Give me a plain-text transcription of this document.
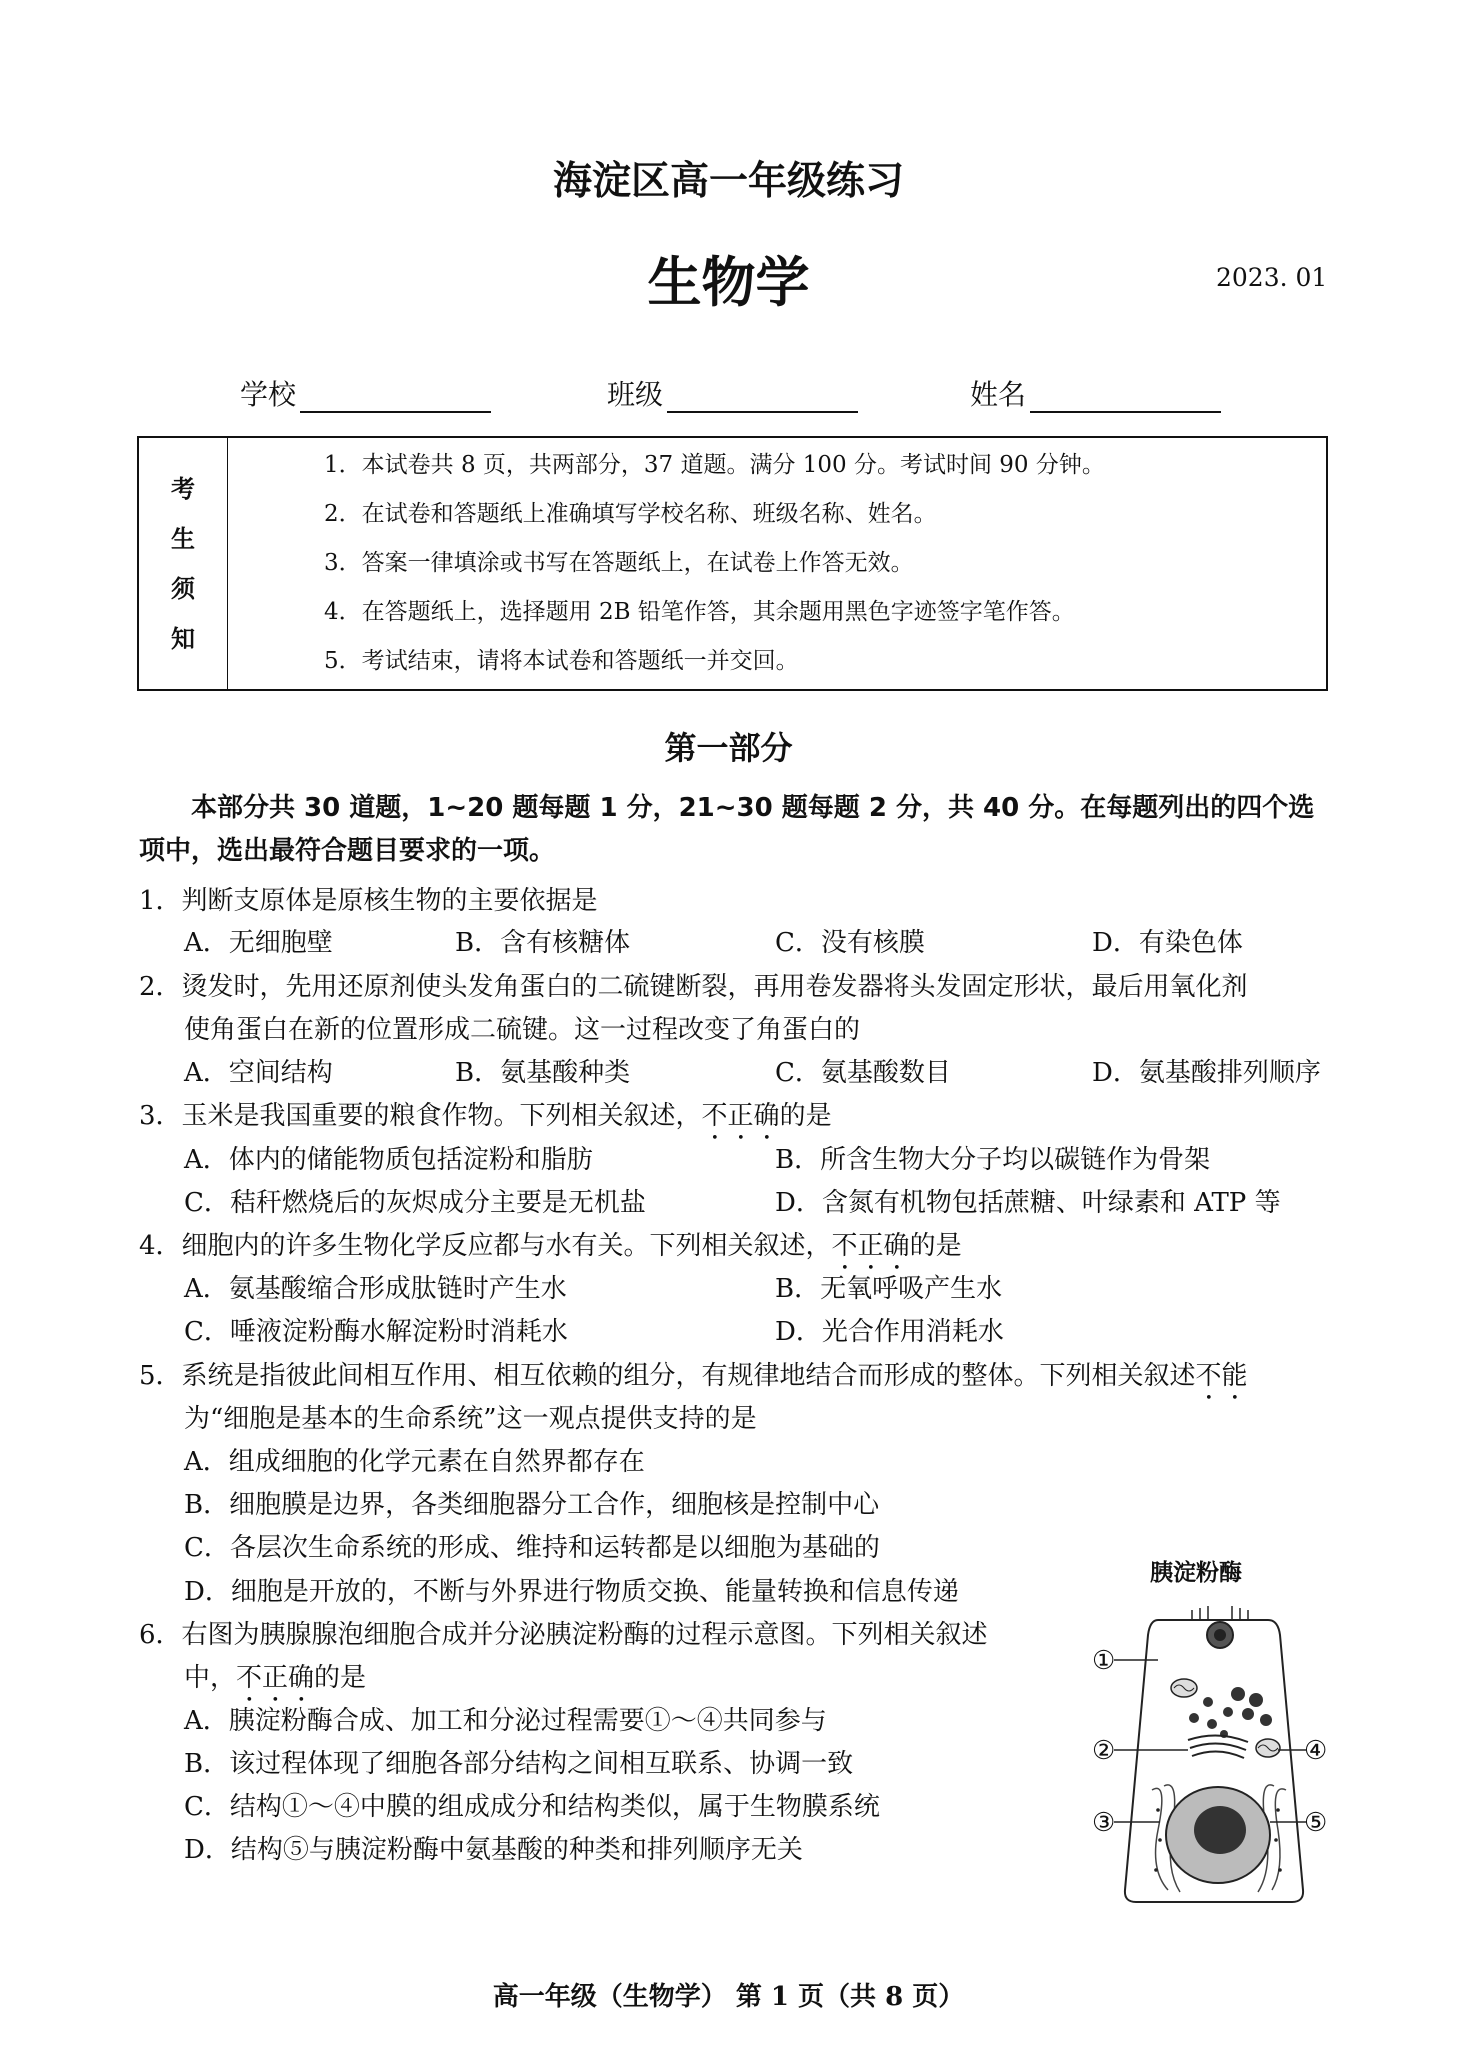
海淀区高一年级练习
生物学	2023. 01
学校	班级	姓名
考
生
须
知

1．本试卷共 8 页，共两部分，37 道题。满分 100 分。考试时间 90 分钟。
2．在试卷和答题纸上准确填写学校名称、班级名称、姓名。
3．答案一律填涂或书写在答题纸上，在试卷上作答无效。
4．在答题纸上，选择题用 2B 铅笔作答，其余题用黑色字迹签字笔作答。
5．考试结束，请将本试卷和答题纸一并交回。
第一部分
本部分共 30 道题，1~20 题每题 1 分，21~30 题每题 2 分，共 40 分。在每题列出的四个选项中，选出最符合题目要求的一项。
1．判断支原体是原核生物的主要依据是
A．无细胞壁	B．含有核糖体	C．没有核膜	D．有染色体
2．烫发时，先用还原剂使头发角蛋白的二硫键断裂，再用卷发器将头发固定形状，最后用氧化剂
使角蛋白在新的位置形成二硫键。这一过程改变了角蛋白的
A．空间结构	B．氨基酸种类	C．氨基酸数目	D．氨基酸排列顺序
3．玉米是我国重要的粮食作物。下列相关叙述，不正确的是
A．体内的储能物质包括淀粉和脂肪	B．所含生物大分子均以碳链作为骨架
C．秸秆燃烧后的灰烬成分主要是无机盐	D．含氮有机物包括蔗糖、叶绿素和 ATP 等
4．细胞内的许多生物化学反应都与水有关。下列相关叙述，不正确的是
A．氨基酸缩合形成肽链时产生水	B．无氧呼吸产生水
C．唾液淀粉酶水解淀粉时消耗水	D．光合作用消耗水
5．系统是指彼此间相互作用、相互依赖的组分，有规律地结合而形成的整体。下列相关叙述不能
为“细胞是基本的生命系统”这一观点提供支持的是
A．组成细胞的化学元素在自然界都存在
B．细胞膜是边界，各类细胞器分工合作，细胞核是控制中心
C．各层次生命系统的形成、维持和运转都是以细胞为基础的
D．细胞是开放的，不断与外界进行物质交换、能量转换和信息传递
6．右图为胰腺腺泡细胞合成并分泌胰淀粉酶的过程示意图。下列相关叙述
中，不正确的是
A．胰淀粉酶合成、加工和分泌过程需要①～④共同参与
B．该过程体现了细胞各部分结构之间相互联系、协调一致
C．结构①～④中膜的组成成分和结构类似，属于生物膜系统
D．结构⑤与胰淀粉酶中氨基酸的种类和排列顺序无关
胰淀粉酶
①
②
③
④
⑤
高一年级（生物学） 第 1 页（共 8 页）
